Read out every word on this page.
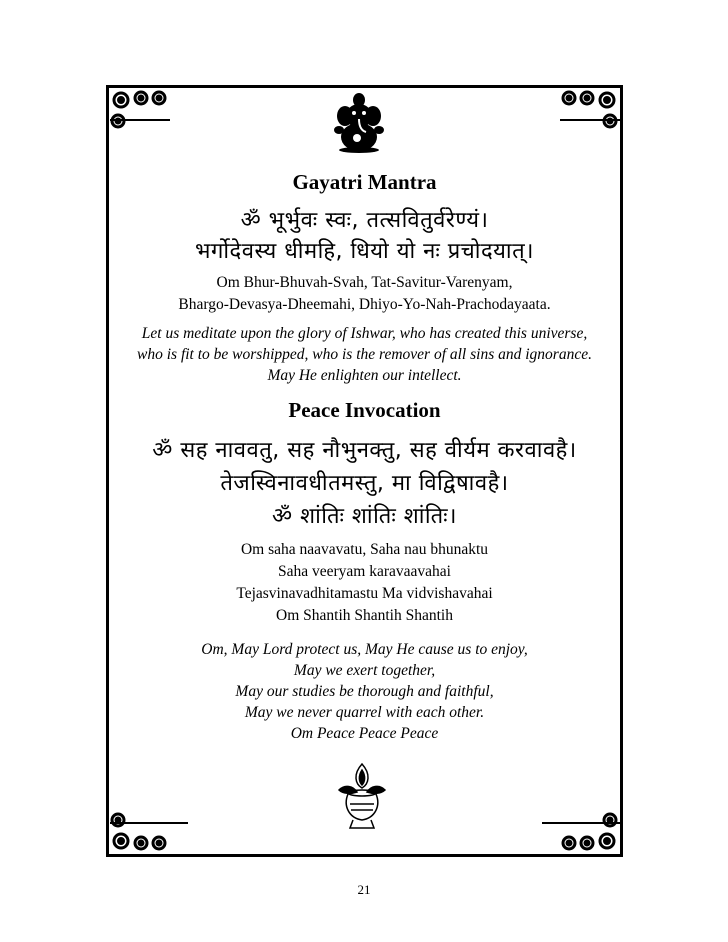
Gayatri Mantra
ॐ भूर्भुवः स्वः, तत्सवितुर्वरेण्यं।
भर्गोदेवस्य धीमहि, धियो यो नः प्रचोदयात्।
Om Bhur-Bhuvah-Svah, Tat-Savitur-Varenyam,
Bhargo-Devasya-Dheemahi, Dhiyo-Yo-Nah-Prachodayaata.
Let us meditate upon the glory of Ishwar, who has created this universe,
who is fit to be worshipped, who is the remover of all sins and ignorance.
May He enlighten our intellect.
Peace Invocation
ॐ सह नाववतु, सह नौभुनक्तु, सह वीर्यम करवावहै।
तेजस्विनावधीतमस्तु, मा विद्विषावहै।
ॐ शांतिः शांतिः शांतिः।
Om saha naavavatu, Saha nau bhunaktu
Saha veeryam karavaavahai
Tejasvinavadhitamastu Ma vidvishavahai
Om Shantih Shantih Shantih
Om, May Lord protect us, May He cause us to enjoy,
May we exert together,
May our studies be thorough and faithful,
May we never quarrel with each other.
Om Peace Peace Peace
21
